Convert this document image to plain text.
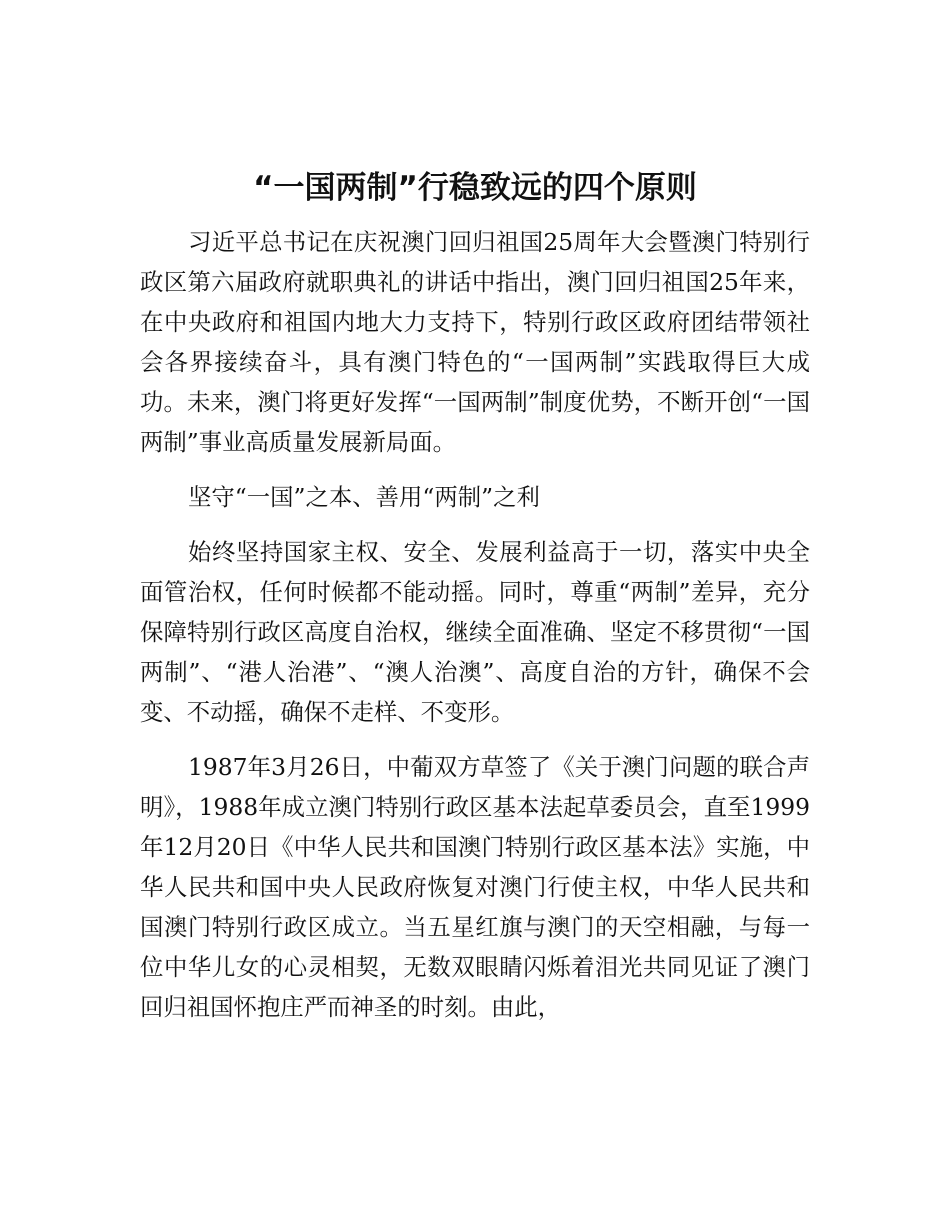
“一国两制”行稳致远的四个原则

习近平总书记在庆祝澳门回归祖国25周年大会暨澳门特别行政区第六届政府就职典礼的讲话中指出，澳门回归祖国25年来，在中央政府和祖国内地大力支持下，特别行政区政府团结带领社会各界接续奋斗，具有澳门特色的“一国两制”实践取得巨大成功。未来，澳门将更好发挥“一国两制”制度优势，不断开创“一国两制”事业高质量发展新局面。

坚守“一国”之本、善用“两制”之利

始终坚持国家主权、安全、发展利益高于一切，落实中央全面管治权，任何时候都不能动摇。同时，尊重“两制”差异，充分保障特别行政区高度自治权，继续全面准确、坚定不移贯彻“一国两制”、“港人治港”、“澳人治澳”、高度自治的方针，确保不会变、不动摇，确保不走样、不变形。

1987年3月26日，中葡双方草签了《关于澳门问题的联合声明》，1988年成立澳门特别行政区基本法起草委员会，直至1999年12月20日《中华人民共和国澳门特别行政区基本法》实施，中华人民共和国中央人民政府恢复对澳门行使主权，中华人民共和国澳门特别行政区成立。当五星红旗与澳门的天空相融，与每一位中华儿女的心灵相契，无数双眼睛闪烁着泪光共同见证了澳门回归祖国怀抱庄严而神圣的时刻。由此，
